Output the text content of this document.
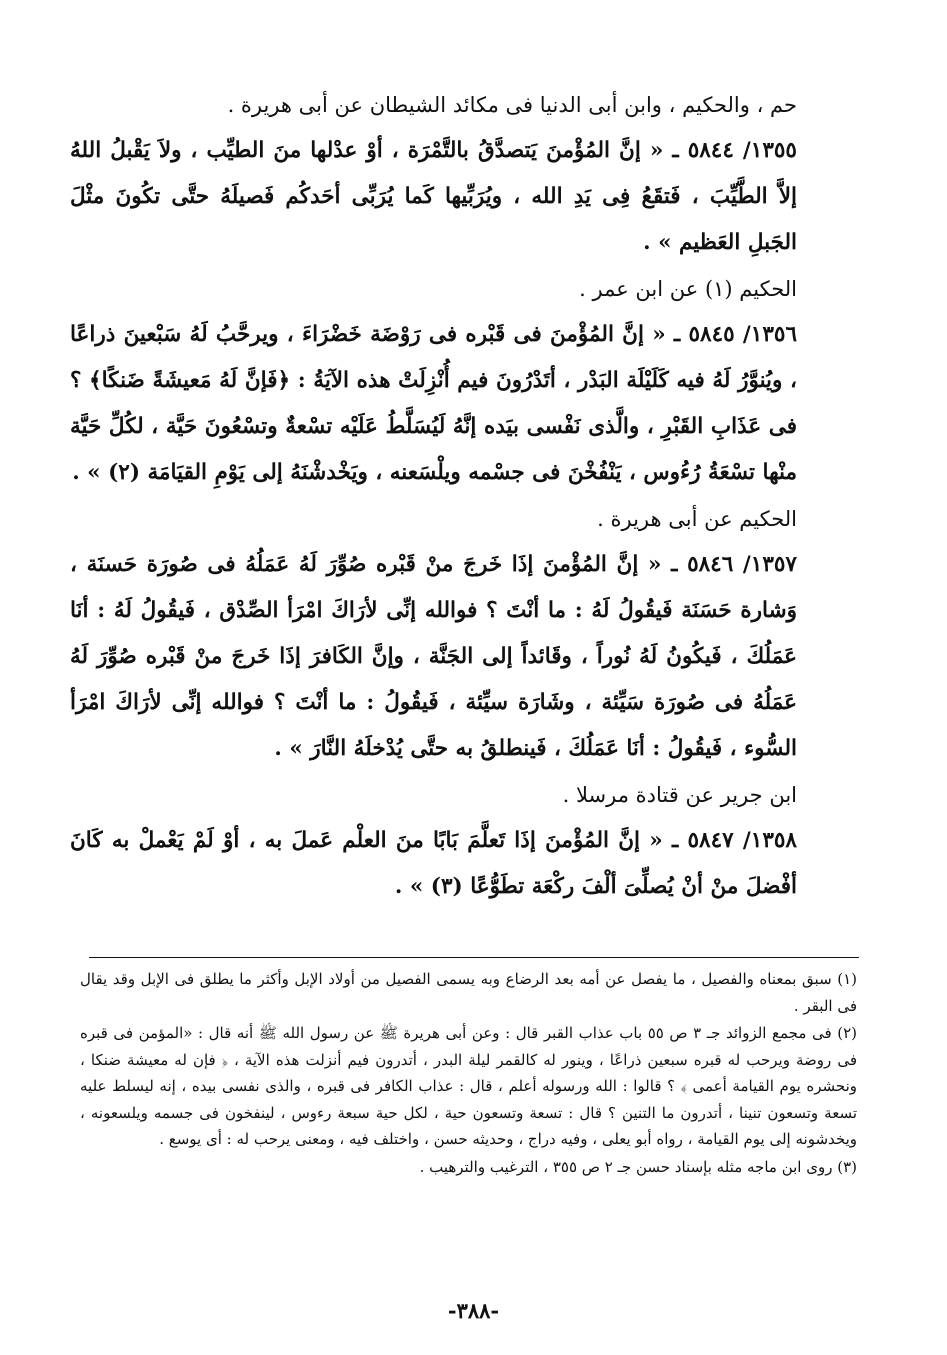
حم ، والحكيم ، وابن أبى الدنيا فى مكائد الشيطان عن أبى هريرة .

١٣٥٥/ ٥٨٤٤ ـ « إنَّ المُؤْمنَ يَتصدَّقُ بالتَّمْرَة ، أوْ عدْلها منَ الطيِّب ، ولاَ يَقْبلُ اللهُ إلاَّ الطَّيِّبَ ، فَتقَعُ فِى يَدِ الله ، ويُرَبِّيها كَما يُرَبِّى أحَدكُم فَصيلَهُ حتَّى تكُونَ مثْلَ الجَبلِ العَظيم » .

الحكيم (١) عن ابن عمر .

١٣٥٦/ ٥٨٤٥ ـ « إنَّ المُؤْمنَ فى قَبْره فى رَوْضَة خَضْرَاءَ ، ويرحَّبُ لَهُ سَبْعينَ ذراعًا ، ويُنوَّرُ لَهُ فيه كَلَيْلَة البَدْر ، أتَدْرُونَ فيم أُنْزِلَتْ هذه الآيَةُ : ﴿فَإنَّ لَهُ مَعيشَةً ضَنكًا﴾ ؟ فى عَذَابِ القَبْرِ ، والَّذى نَفْسى بيَده إنَّهُ لَيُسَلَّطُ عَلَيْه تسْعةٌ وتسْعُونَ حَيَّة ، لكُلِّ حَيَّة منْها تسْعَةُ رُءُوس ، يَنْفُخْنَ فى جسْمه ويلْسَعنه ، ويَخْدشْنَهُ إلى يَوْمِ القيَامَة (٢) » .

الحكيم عن أبى هريرة .

١٣٥٧/ ٥٨٤٦ ـ « إنَّ المُؤْمنَ إذَا خَرجَ منْ قَبْره صُوِّرَ لَهُ عَمَلُهُ فى صُورَة حَسنَة ، وَشارة حَسَنَة فَيقُولُ لَهُ : ما أنْتَ ؟ فوالله إنِّى لأرَاكَ امْرَأ الصِّدْق ، فَيقُولُ لَهُ : أنَا عَمَلُكَ ، فَيكُونُ لَهُ نُوراً ، وقَائداً إلى الجَنَّة ، وإنَّ الكَافرَ إذَا خَرجَ منْ قَبْره صُوِّرَ لَهُ عَمَلُهُ فى صُورَة سَيِّئة ، وشَارَة سيِّئة ، فَيقُولُ : ما أنْتَ ؟ فوالله إنِّى لأرَاكَ امْرَأ السُّوء ، فَيقُولُ : أنَا عَمَلُكَ ، فَينطلقُ به حتَّى يُدْخلَهُ النَّارَ » .

ابن جرير عن قتادة مرسلا .

١٣٥٨/ ٥٨٤٧ ـ « إنَّ المُؤْمنَ إذَا تَعلَّمَ بَابًا منَ العلْم عَملَ به ، أوْ لَمْ يَعْملْ به كَانَ أفْضلَ منْ أنْ يُصلِّىَ ألْفَ ركْعَة تطَوُّعًا (٣) » .

(١) سبق بمعناه والفصيل ، ما يفصل عن أمه بعد الرضاع وبه يسمى الفصيل من أولاد الإبل وأكثر ما يطلق فى الإبل وقد يقال فى البقر .

(٢) فى مجمع الزوائد جـ ٣ ص ٥٥ باب عذاب القبر قال : وعن أبى هريرة ﷺ عن رسول الله ﷺ أنه قال : «المؤمن فى قبره فى روضة ويرحب له قبره سبعين ذراعًا ، وينور له كالقمر ليلة البدر ، أتدرون فيم أنزلت هذه الآية ، ﴿ فإن له معيشة ضنكا ، ونحشره يوم القيامة أعمى ﴾ ؟ قالوا : الله ورسوله أعلم ، قال : عذاب الكافر فى قبره ، والذى نفسى بيده ، إنه ليسلط عليه تسعة وتسعون تنينا ، أتدرون ما التنين ؟ قال : تسعة وتسعون حية ، لكل حية سبعة رءوس ، لينفخون فى جسمه ويلسعونه ، ويخدشونه إلى يوم القيامة ، رواه أبو يعلى ، وفيه دراج ، وحديثه حسن ، واختلف فيه ، ومعنى يرحب له : أى يوسع .

(٣) روى ابن ماجه مثله بإسناد حسن جـ ٢ ص ٣٥٥ ، الترغيب والترهيب .

-٣٨٨-
